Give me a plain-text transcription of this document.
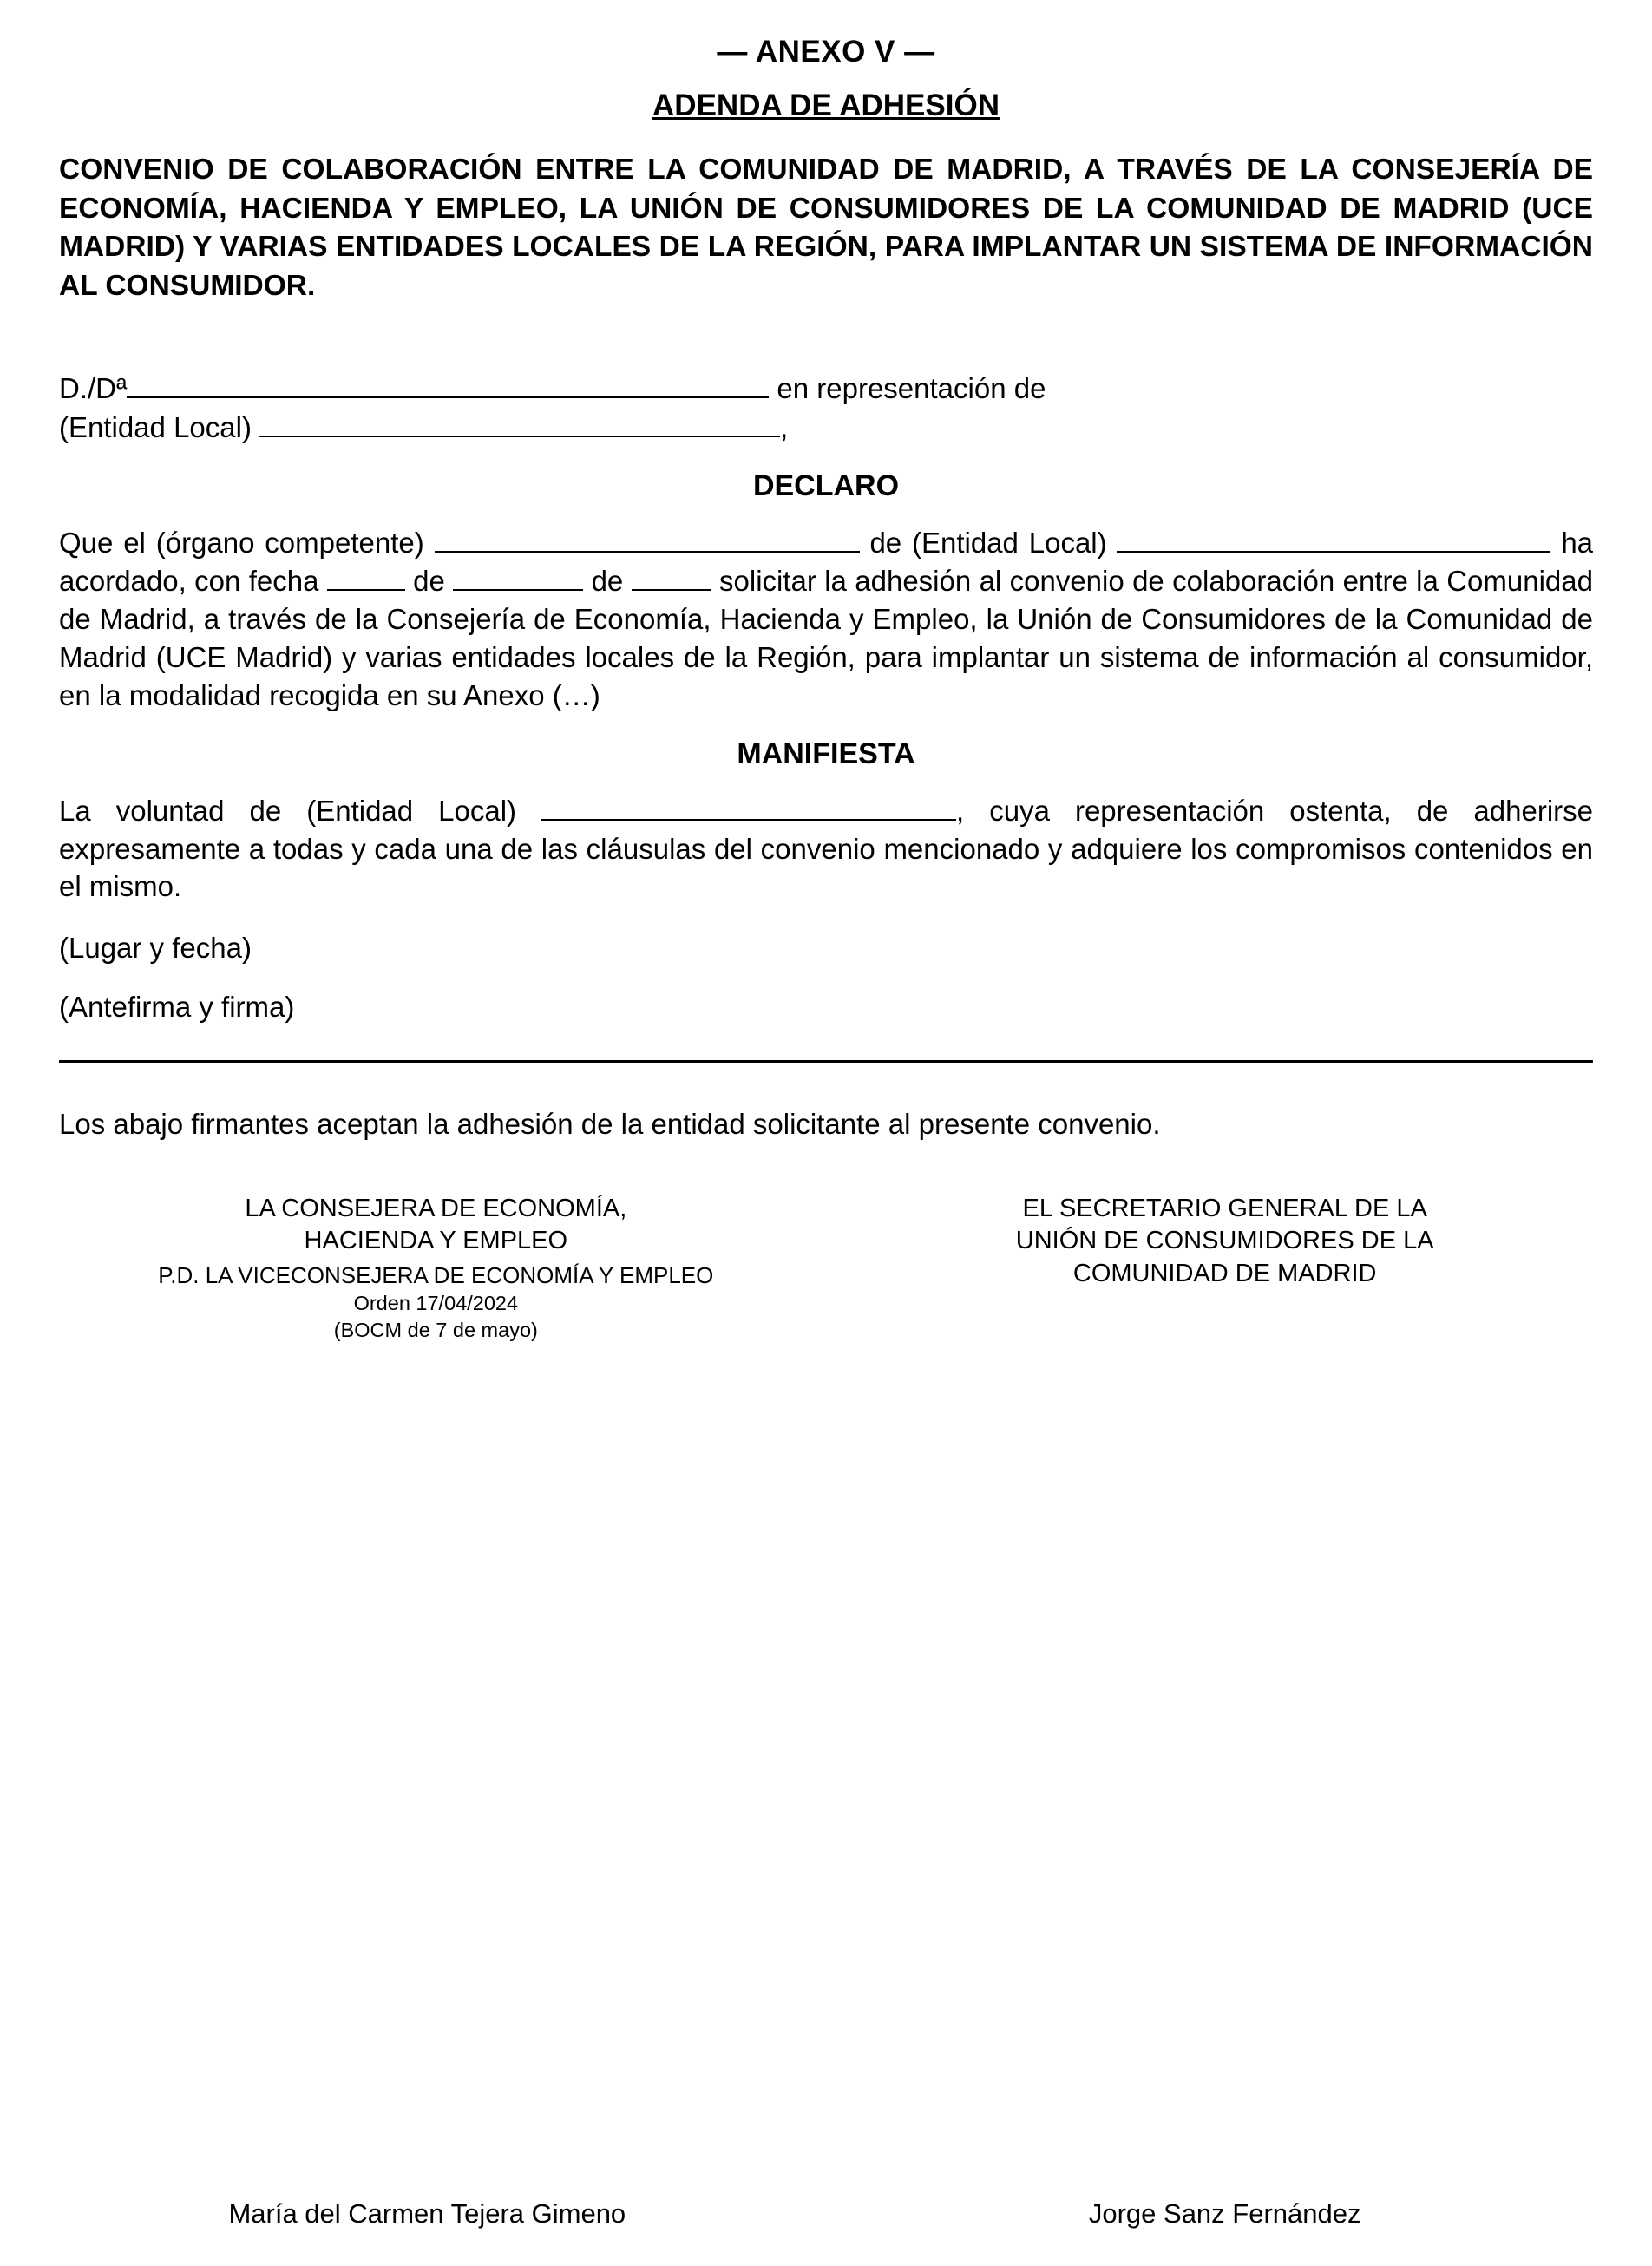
— ANEXO V —
ADENDA DE ADHESIÓN

CONVENIO DE COLABORACIÓN ENTRE LA COMUNIDAD DE MADRID, A TRAVÉS DE LA CONSEJERÍA DE ECONOMÍA, HACIENDA Y EMPLEO, LA UNIÓN DE CONSUMIDORES DE LA COMUNIDAD DE MADRID (UCE MADRID) Y VARIAS ENTIDADES LOCALES DE LA REGIÓN, PARA IMPLANTAR UN SISTEMA DE INFORMACIÓN AL CONSUMIDOR.

D./Dª	en representación de
(Entidad Local)	,
DECLARO

Que el (órgano competente)	de (Entidad Local)	ha acordado, con fecha	de	de	solicitar la adhesión al convenio de colaboración entre la Comunidad de Madrid, a través de la Consejería de Economía, Hacienda y Empleo, la Unión de Consumidores de la Comunidad de Madrid (UCE Madrid) y varias entidades locales de la Región, para implantar un sistema de información al consumidor, en la modalidad recogida en su Anexo (…)

MANIFIESTA

La voluntad de (Entidad Local)	, cuya representación ostenta, de adherirse expresamente a todas y cada una de las cláusulas del convenio mencionado y adquiere los compromisos contenidos en el mismo.

(Lugar y fecha)

(Antefirma y firma)

Los abajo firmantes aceptan la adhesión de la entidad solicitante al presente convenio.

LA CONSEJERA DE ECONOMÍA,
HACIENDA Y EMPLEO
P.D. LA VICECONSEJERA DE ECONOMÍA Y EMPLEO
Orden 17/04/2024
(BOCM de 7 de mayo)
EL SECRETARIO GENERAL DE LA
UNIÓN DE CONSUMIDORES DE LA
COMUNIDAD DE MADRID
María del Carmen Tejera Gimeno	Jorge Sanz Fernández
